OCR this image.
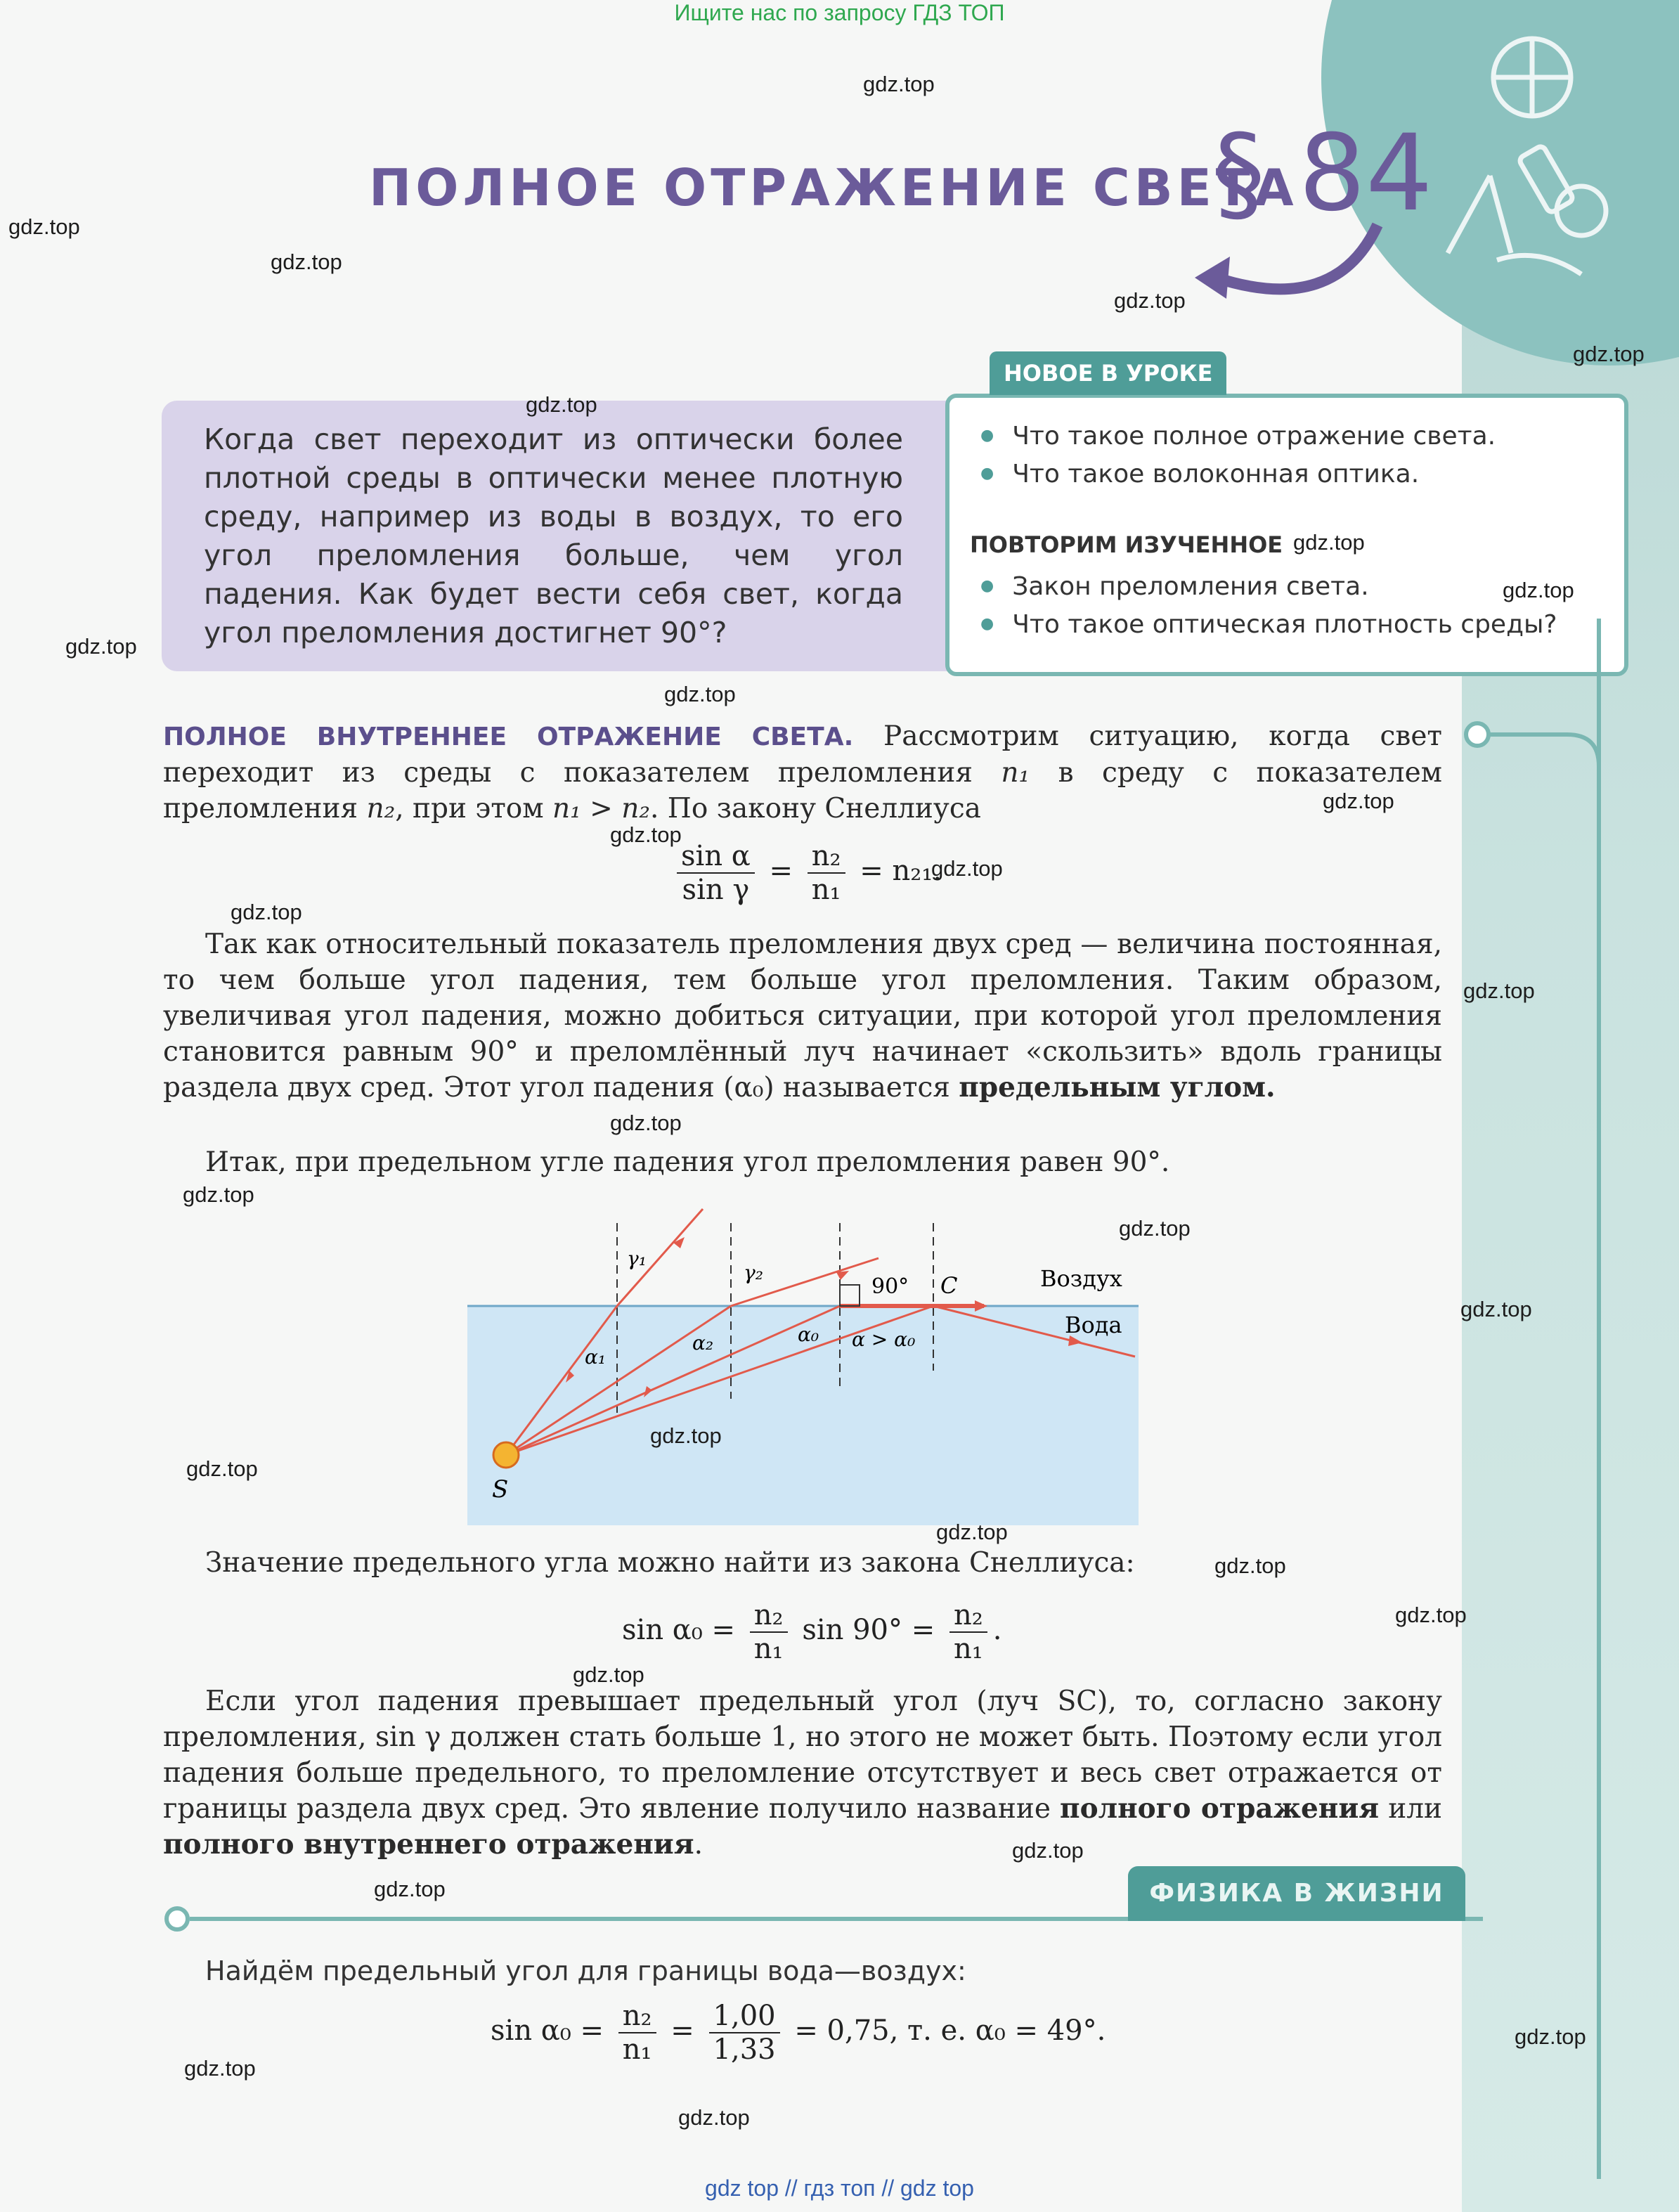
Ищите нас по запросу ГДЗ ТОП
gdz top // гдз топ // gdz top
ПОЛНОЕ ОТРАЖЕНИЕ СВЕТА
§ 84
Когда свет переходит из оптически более плотной среды в оптически менее плотную среду, например из воды в воздух, то его угол преломления больше, чем угол падения. Как будет вести себя свет, когда угол преломления достигнет 90°?
НОВОЕ В УРОКЕ
● Что такое полное отражение света.
● Что такое волоконная оптика.
ПОВТОРИМ ИЗУЧЕННОЕ
● Закон преломления света.
● Что такое оптическая плотность среды?
ПОЛНОЕ ВНУТРЕННЕЕ ОТРАЖЕНИЕ СВЕТА. Рассмотрим ситуацию, когда свет переходит из среды с показателем преломления n₁ в среду с показателем преломления n₂, при этом n₁ > n₂. По закону Снеллиуса
$\frac{\text{sin α}}{\text{sin γ}} = \frac{\text{n₂}}{\text{n₁}} = n_{21}$.
Так как относительный показатель преломления двух сред — величина постоянная, то чем больше угол падения, тем больше угол преломления. Таким образом, увеличивая угол падения, можно добиться ситуации, при которой угол преломления становится равным 90° и преломлённый луч начинает «скользить» вдоль границы раздела двух сред. Этот угол падения (α₀) называется предельным углом.
Итак, при предельном угле падения угол преломления равен 90°.
S
C	Воздух
Вода
γ₁
γ₂
90°
α₁
α₂	α₀ α > α₀
Значение предельного угла можно найти из закона Снеллиуса:
$\sin \alpha_0 = \frac{\text{n₂}}{\text{n₁}}$ $\sin 90^\circ = \frac{\text{n₂}}{\text{n₁}}$ .
Если угол падения превышает предельный угол (луч SC), то, согласно закону преломления, sin γ должен стать больше 1, но этого не может быть. Поэтому если угол падения больше предельного, то преломление отсутствует и весь свет отражается от границы раздела двух сред. Это явление получило название полного отражения или полного внутреннего отражения.
ФИЗИКА В ЖИЗНИ
Найдём предельный угол для границы вода—воздух:
$\sin \alpha_0 = \frac{\text{n₂}}{\text{n₁}} = \frac{1,00}{1,33} = 0,75$, т. е. α₀ = 49°.
gdz.top
gdz.top
gdz.top
gdz.top
gdz.top
gdz.top
gdz.top
gdz.top
gdz.top
gdz.top
gdz.top
gdz.top
gdz.top
gdz.top
gdz.top
gdz.top
gdz.top
gdz.top
gdz.top
gdz.top
gdz.top
gdz.top
gdz.top
gdz.top
gdz.top
gdz.top
gdz.top
gdz.top
gdz.top
gdz.top
